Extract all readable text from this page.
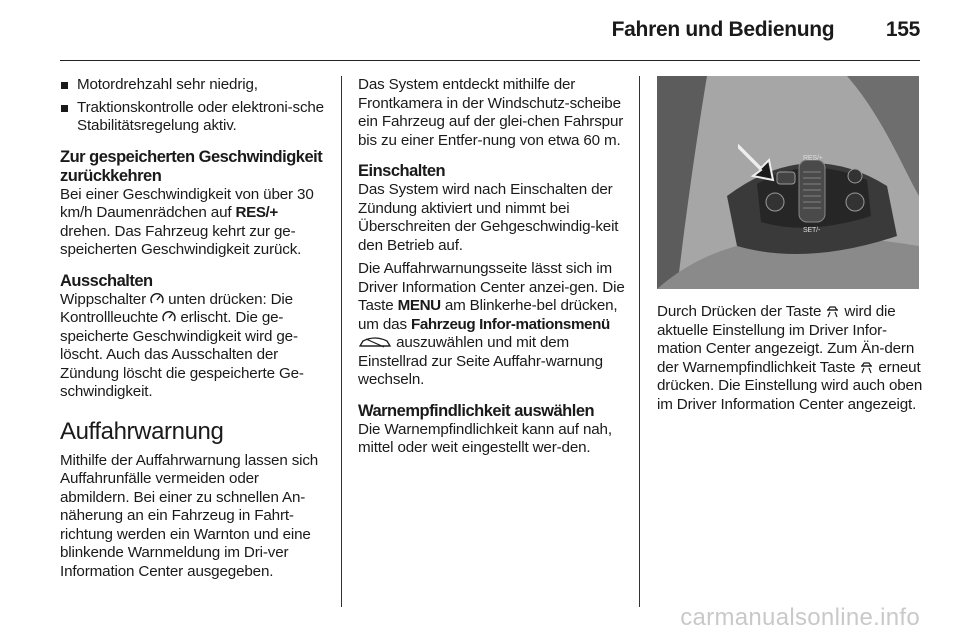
Fahren und Bedienung 155
Motordrehzahl sehr niedrig,
Traktionskontrolle oder elektroni-sche Stabilitätsregelung aktiv.
Zur gespeicherten Geschwindigkeit zurückkehren

Bei einer Geschwindigkeit von über 30 km/h Daumenrädchen auf RES/+ drehen. Das Fahrzeug kehrt zur ge-speicherten Geschwindigkeit zurück.

Ausschalten

Wippschalter  unten drücken: Die Kontrollleuchte  erlischt. Die ge-speicherte Geschwindigkeit wird ge-löscht. Auch das Ausschalten der Zündung löscht die gespeicherte Ge-schwindigkeit.

Auffahrwarnung

Mithilfe der Auffahrwarnung lassen sich Auffahrunfälle vermeiden oder abmildern. Bei einer zu schnellen An-näherung an ein Fahrzeug in Fahrt-richtung werden ein Warnton und eine blinkende Warnmeldung im Dri-ver Information Center ausgegeben.

Das System entdeckt mithilfe der Frontkamera in der Windschutz-scheibe ein Fahrzeug auf der glei-chen Fahrspur bis zu einer Entfer-nung von etwa 60 m.

Einschalten

Das System wird nach Einschalten der Zündung aktiviert und nimmt bei Überschreiten der Gehgeschwindig-keit den Betrieb auf.

Die Auffahrwarnungsseite lässt sich im Driver Information Center anzei-gen. Die Taste MENU am Blinkerhe-bel drücken, um das Fahrzeug Infor-mationsmenü  auszuwählen und mit dem Einstellrad zur Seite Auffahr-warnung wechseln.

Warnempfindlichkeit auswählen

Die Warnempfindlichkeit kann auf nah, mittel oder weit eingestellt wer-den.

RES/+
SET/-

Durch Drücken der Taste  wird die aktuelle Einstellung im Driver Infor-mation Center angezeigt. Zum Än-dern der Warnempfindlichkeit Taste  erneut drücken. Die Einstellung wird auch oben im Driver Information Center angezeigt.

carmanualsonline.info
